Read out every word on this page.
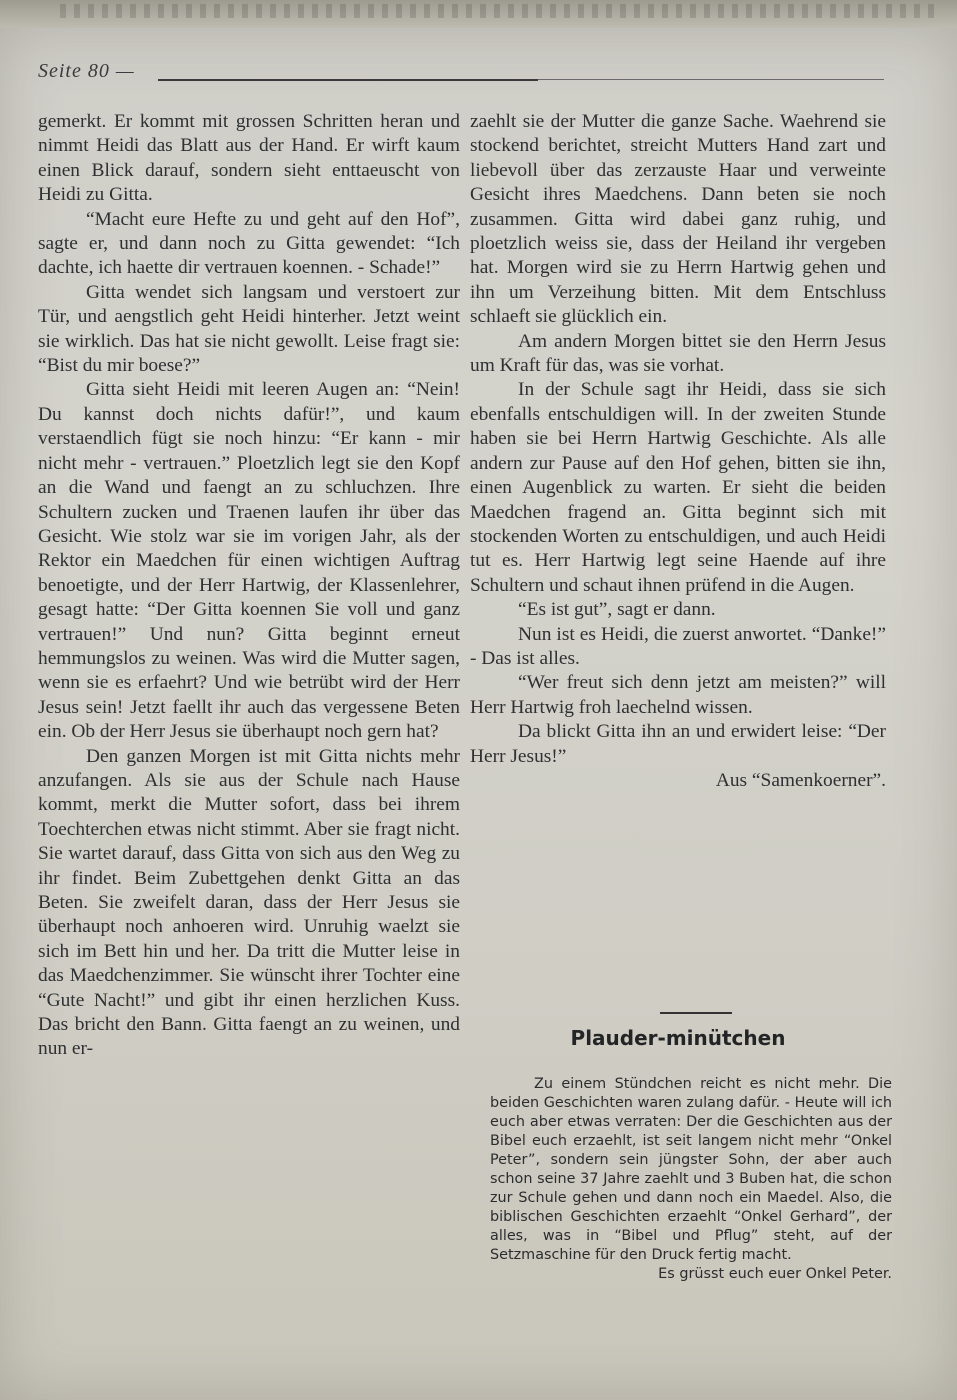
Seite 80 —

gemerkt. Er kommt mit grossen Schritten heran und nimmt Heidi das Blatt aus der Hand. Er wirft kaum einen Blick darauf, sondern sieht enttaeuscht von Heidi zu Gitta.

“Macht eure Hefte zu und geht auf den Hof”, sagte er, und dann noch zu Gitta gewendet: “Ich dachte, ich haette dir vertrauen koennen. - Schade!”

Gitta wendet sich langsam und verstoert zur Tür, und aengstlich geht Heidi hinterher. Jetzt weint sie wirklich. Das hat sie nicht gewollt. Leise fragt sie: “Bist du mir boese?”

Gitta sieht Heidi mit leeren Augen an: “Nein! Du kannst doch nichts dafür!”, und kaum verstaendlich fügt sie noch hinzu: “Er kann - mir nicht mehr - vertrauen.” Ploetzlich legt sie den Kopf an die Wand und faengt an zu schluchzen. Ihre Schultern zucken und Traenen laufen ihr über das Gesicht. Wie stolz war sie im vorigen Jahr, als der Rektor ein Maedchen für einen wichtigen Auftrag benoetigte, und der Herr Hartwig, der Klassenlehrer, gesagt hatte: “Der Gitta koennen Sie voll und ganz vertrauen!” Und nun? Gitta beginnt erneut hemmungslos zu weinen. Was wird die Mutter sagen, wenn sie es erfaehrt? Und wie betrübt wird der Herr Jesus sein! Jetzt faellt ihr auch das vergessene Beten ein. Ob der Herr Jesus sie überhaupt noch gern hat?

Den ganzen Morgen ist mit Gitta nichts mehr anzufangen. Als sie aus der Schule nach Hause kommt, merkt die Mutter sofort, dass bei ihrem Toechterchen etwas nicht stimmt. Aber sie fragt nicht. Sie wartet darauf, dass Gitta von sich aus den Weg zu ihr findet. Beim Zubettgehen denkt Gitta an das Beten. Sie zweifelt daran, dass der Herr Jesus sie überhaupt noch anhoeren wird. Unruhig waelzt sie sich im Bett hin und her. Da tritt die Mutter leise in das Maedchenzimmer. Sie wünscht ihrer Tochter eine “Gute Nacht!” und gibt ihr einen herzlichen Kuss. Das bricht den Bann. Gitta faengt an zu weinen, und nun er-

zaehlt sie der Mutter die ganze Sache. Waehrend sie stockend berichtet, streicht Mutters Hand zart und liebevoll über das zerzauste Haar und verweinte Gesicht ihres Maedchens. Dann beten sie noch zusammen. Gitta wird dabei ganz ruhig, und ploetzlich weiss sie, dass der Heiland ihr vergeben hat. Morgen wird sie zu Herrn Hartwig gehen und ihn um Verzeihung bitten. Mit dem Entschluss schlaeft sie glücklich ein.

Am andern Morgen bittet sie den Herrn Jesus um Kraft für das, was sie vorhat.

In der Schule sagt ihr Heidi, dass sie sich ebenfalls entschuldigen will. In der zweiten Stunde haben sie bei Herrn Hartwig Geschichte. Als alle andern zur Pause auf den Hof gehen, bitten sie ihn, einen Augenblick zu warten. Er sieht die beiden Maedchen fragend an. Gitta beginnt sich mit stockenden Worten zu entschuldigen, und auch Heidi tut es. Herr Hartwig legt seine Haende auf ihre Schultern und schaut ihnen prüfend in die Augen.

“Es ist gut”, sagt er dann.

Nun ist es Heidi, die zuerst anwortet. “Danke!” - Das ist alles.

“Wer freut sich denn jetzt am meisten?” will Herr Hartwig froh laechelnd wissen.

Da blickt Gitta ihn an und erwidert leise: “Der Herr Jesus!”

Aus “Samenkoerner”.

Plauder-minütchen

Zu einem Stündchen reicht es nicht mehr. Die beiden Geschichten waren zulang dafür. - Heute will ich euch aber etwas verraten: Der die Geschichten aus der Bibel euch erzaehlt, ist seit langem nicht mehr “Onkel Peter”, sondern sein jüngster Sohn, der aber auch schon seine 37 Jahre zaehlt und 3 Buben hat, die schon zur Schule gehen und dann noch ein Maedel. Also, die biblischen Geschichten erzaehlt “Onkel Gerhard”, der alles, was in “Bibel und Pflug” steht, auf der Setzmaschine für den Druck fertig macht.

Es grüsst euch euer Onkel Peter.
